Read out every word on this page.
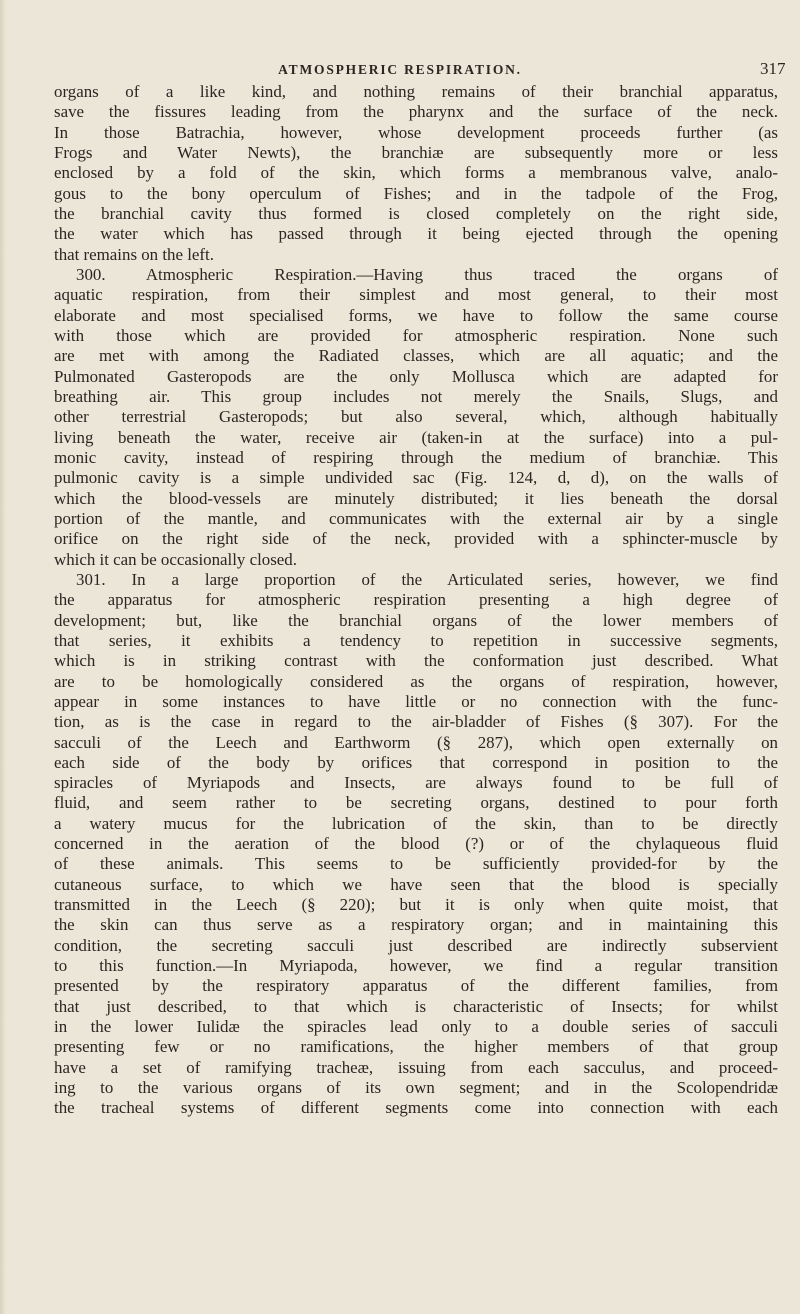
ATMOSPHERIC RESPIRATION.	317
organs of a like kind, and nothing remains of their branchial apparatus,
save the fissures leading from the pharynx and the surface of the neck.
In those Batrachia, however, whose development proceeds further (as
Frogs and Water Newts), the branchiæ are subsequently more or less
enclosed by a fold of the skin, which forms a membranous valve, analo-
gous to the bony operculum of Fishes; and in the tadpole of the Frog,
the branchial cavity thus formed is closed completely on the right side,
the water which has passed through it being ejected through the opening
that remains on the left.
300. Atmospheric Respiration.—Having thus traced the organs of
aquatic respiration, from their simplest and most general, to their most
elaborate and most specialised forms, we have to follow the same course
with those which are provided for atmospheric respiration. None such
are met with among the Radiated classes, which are all aquatic; and the
Pulmonated Gasteropods are the only Mollusca which are adapted for
breathing air. This group includes not merely the Snails, Slugs, and
other terrestrial Gasteropods; but also several, which, although habitually
living beneath the water, receive air (taken-in at the surface) into a pul-
monic cavity, instead of respiring through the medium of branchiæ. This
pulmonic cavity is a simple undivided sac (Fig. 124, d, d), on the walls of
which the blood-vessels are minutely distributed; it lies beneath the dorsal
portion of the mantle, and communicates with the external air by a single
orifice on the right side of the neck, provided with a sphincter-muscle by
which it can be occasionally closed.
301. In a large proportion of the Articulated series, however, we find
the apparatus for atmospheric respiration presenting a high degree of
development; but, like the branchial organs of the lower members of
that series, it exhibits a tendency to repetition in successive segments,
which is in striking contrast with the conformation just described. What
are to be homologically considered as the organs of respiration, however,
appear in some instances to have little or no connection with the func-
tion, as is the case in regard to the air-bladder of Fishes (§ 307). For the
sacculi of the Leech and Earthworm (§ 287), which open externally on
each side of the body by orifices that correspond in position to the
spiracles of Myriapods and Insects, are always found to be full of
fluid, and seem rather to be secreting organs, destined to pour forth
a watery mucus for the lubrication of the skin, than to be directly
concerned in the aeration of the blood (?) or of the chylaqueous fluid
of these animals. This seems to be sufficiently provided-for by the
cutaneous surface, to which we have seen that the blood is specially
transmitted in the Leech (§ 220); but it is only when quite moist, that
the skin can thus serve as a respiratory organ; and in maintaining this
condition, the secreting sacculi just described are indirectly subservient
to this function.—In Myriapoda, however, we find a regular transition
presented by the respiratory apparatus of the different families, from
that just described, to that which is characteristic of Insects; for whilst
in the lower Iulidæ the spiracles lead only to a double series of sacculi
presenting few or no ramifications, the higher members of that group
have a set of ramifying tracheæ, issuing from each sacculus, and proceed-
ing to the various organs of its own segment; and in the Scolopendridæ
the tracheal systems of different segments come into connection with each
